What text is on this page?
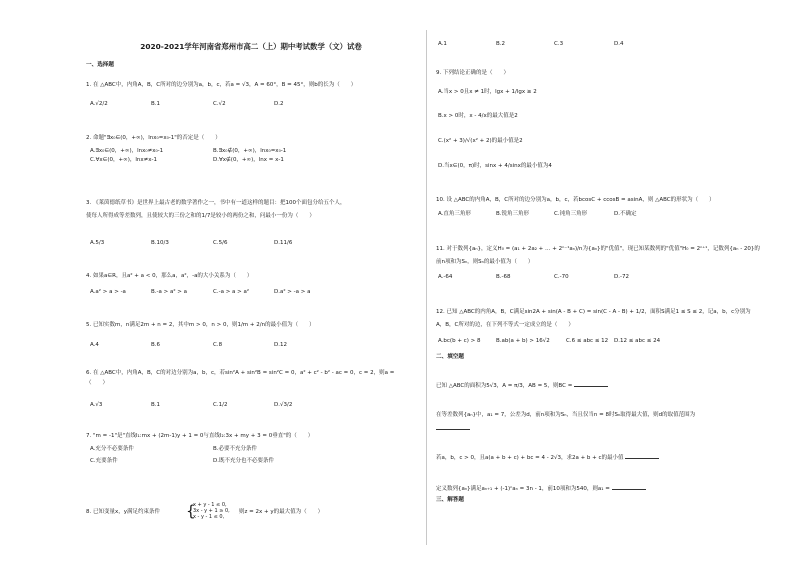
2020-2021学年河南省郑州市高二（上）期中考试数学（文）试卷
一、选择题
1. 在 △ABC中，内角A，B，C所对的边分别为a，b，c，若a = √3，A = 60°，B = 45°，则b的长为（　　）
A.√2/2	B.1	C.√2	D.2
2. 命题"∃x₀∈(0，+∞)，lnx₀=x₀-1"的否定是（　　）
A.∃x₀∈(0，+∞)，lnx₀≠x₀-1	B.∃x₀∉(0，+∞)，lnx₀=x₀-1
C.∀x∈(0，+∞)，lnx≠x-1	D.∀x∉(0，+∞)，lnx = x-1
3. 《莱茵德纸草书》是世界上最古老的数学著作之一，书中有一道这样的题目：把100个面包分给五个人，
使每人所得成等差数列，且使较大的三份之和的1/7是较小的两份之和，问最小一份为（　　）
A.5/3	B.10/3	C.5/6	D.11/6
4. 如果a∈R，且a² + a < 0，那么a，a²，-a的大小关系为（　　）
A.a² > a > -a	B.-a > a² > a	C.-a > a > a²	D.a² > -a > a
5. 已知实数m，n满足2m + n = 2，其中m > 0，n > 0，则1/m + 2/n的最小值为（　　）
A.4	B.6	C.8	D.12
6. 在 △ABC中，内角A，B，C的对边分别为a，b，c，若sin²A + sin²B = sin²C = 0，a² + c² - b² - ac = 0，c = 2，则a =
（　　）
A.√3	B.1	C.1/2	D.√3/2
7. "m = -1"是"直线l₁:mx + (2m-1)y + 1 = 0与直线l₂:3x + my + 3 = 0垂直"的（　　）
A.充分不必要条件	B.必要不充分条件
C.充要条件	D.既不充分也不必要条件
8. 已知变量x，y满足约束条件 {
x + y - 1 ≤ 0,
3x - y + 1 ≥ 0,
x - y - 1 ≤ 0,
则z = 2x + y的最大值为（　　）
A.1	B.2	C.3	D.4
9. 下列结论正确的是（　　）
A.当x > 0且x ≠ 1时，lgx + 1/lgx ≥ 2
B.x > 0时，x - 4/x的最大值是2
C.(x² + 3)/√(x² + 2)的最小值是2
D.当x∈(0，π)时，sinx + 4/sinx的最小值为4
10. 设 △ABC的内角A，B，C所对的边分别为a，b，c，若bcosC + ccosB = asinA，则 △ABC的形状为（　　）
A.直角三角形	B.锐角三角形	C.钝角三角形	D.不确定
11. 对于数列{aₙ}，定义H₀ = (a₁ + 2a₂ + … + 2ⁿ⁻¹aₙ)/n为{aₙ}的"优值"，现已知某数列的"优值"H₀ = 2ⁿ⁺¹，记数列{aₙ - 20}的
前n项和为Sₙ，则Sₙ的最小值为（　　）
A.-64	B.-68	C.-70	D.-72
12. 已知 △ABC的内角A，B，C满足sin2A + sin(A - B + C) = sin(C - A - B) + 1/2，面积S满足1 ≤ S ≤ 2，记a，b，c分别为
A，B，C所对的边，在下列不等式一定成立的是（　　）
A.bc(b + c) > 8	B.ab(a + b) > 16√2	C.6 ≤ abc ≤ 12 D.12 ≤ abc ≤ 24
二、填空题
已知 △ABC的面积为5√3，A = π/3，AB = 5，则BC =
在等差数列{aₙ}中，a₁ = 7，公差为d，前n项和为Sₙ，当且仅当n = 8时Sₙ取得最大值，则d的取值范围为
若a，b，c > 0，且a(a + b + c) + bc = 4 - 2√3，求2a + b + c的最小值
定义数列{aₙ}满足aₙ₊₁ + (-1)ⁿaₙ = 3n - 1，前10项和为540，则a₁ =
三、解答题
